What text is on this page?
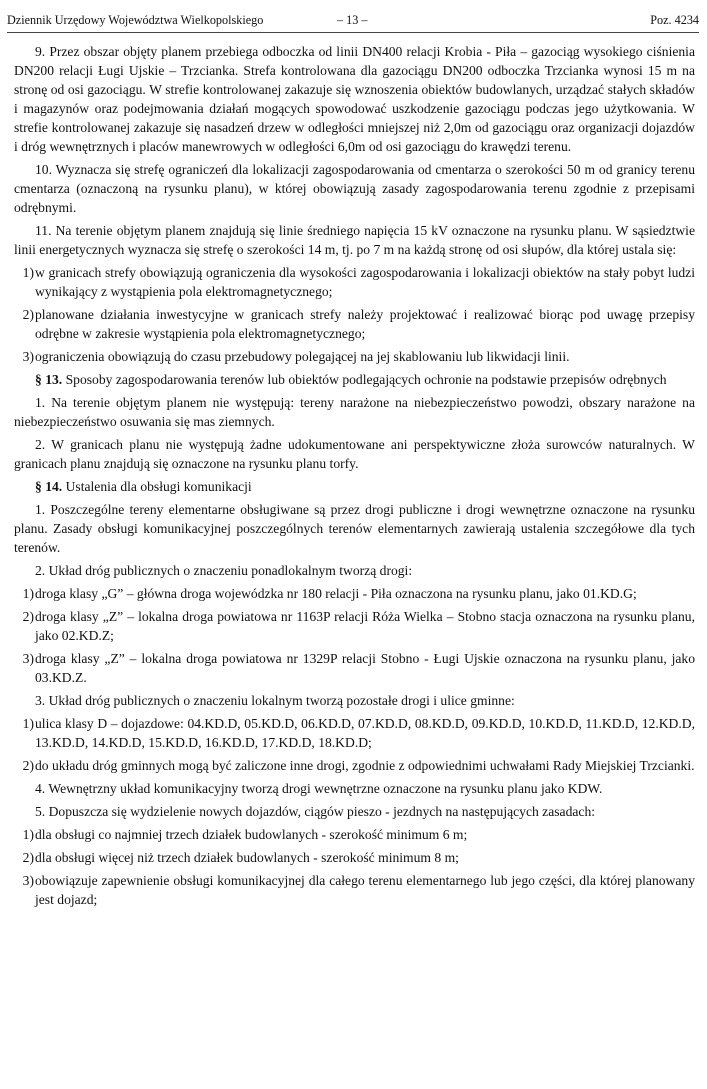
Dziennik Urzędowy Województwa Wielkopolskiego	– 13 –	Poz. 4234

9. Przez obszar objęty planem przebiega odboczka od linii DN400 relacji Krobia - Piła – gazociąg wysokiego ciśnienia DN200 relacji Ługi Ujskie – Trzcianka. Strefa kontrolowana dla gazociągu DN200 odboczka Trzcianka wynosi 15 m na stronę od osi gazociągu. W strefie kontrolowanej zakazuje się wznoszenia obiektów budowlanych, urządzać stałych składów i magazynów oraz podejmowania działań mogących spowodować uszkodzenie gazociągu podczas jego użytkowania. W strefie kontrolowanej zakazuje się nasadzeń drzew w odległości mniejszej niż 2,0m od gazociągu oraz organizacji dojazdów i dróg wewnętrznych i placów manewrowych w odległości 6,0m od osi gazociągu do krawędzi terenu.

10. Wyznacza się strefę ograniczeń dla lokalizacji zagospodarowania od cmentarza o szerokości 50 m od granicy terenu cmentarza (oznaczoną na rysunku planu), w której obowiązują zasady zagospodarowania terenu zgodnie z przepisami odrębnymi.

11. Na terenie objętym planem znajdują się linie średniego napięcia 15 kV oznaczone na rysunku planu. W sąsiedztwie linii energetycznych wyznacza się strefę o szerokości 14 m, tj. po 7 m na każdą stronę od osi słupów, dla której ustala się:

1) w granicach strefy obowiązują ograniczenia dla wysokości zagospodarowania i lokalizacji obiektów na stały pobyt ludzi wynikający z wystąpienia pola elektromagnetycznego;
2) planowane działania inwestycyjne w granicach strefy należy projektować i realizować biorąc pod uwagę przepisy odrębne w zakresie wystąpienia pola elektromagnetycznego;
3) ograniczenia obowiązują do czasu przebudowy polegającej na jej skablowaniu lub likwidacji linii.

§ 13. Sposoby zagospodarowania terenów lub obiektów podlegających ochronie na podstawie przepisów odrębnych

1. Na terenie objętym planem nie występują: tereny narażone na niebezpieczeństwo powodzi, obszary narażone na niebezpieczeństwo osuwania się mas ziemnych.

2. W granicach planu nie występują żadne udokumentowane ani perspektywiczne złoża surowców naturalnych. W granicach planu znajdują się oznaczone na rysunku planu torfy.

§ 14. Ustalenia dla obsługi komunikacji

1. Poszczególne tereny elementarne obsługiwane są przez drogi publiczne i drogi wewnętrzne oznaczone na rysunku planu. Zasady obsługi komunikacyjnej poszczególnych terenów elementarnych zawierają ustalenia szczegółowe dla tych terenów.

2. Układ dróg publicznych o znaczeniu ponadlokalnym tworzą drogi:

1) droga klasy „G” – główna droga wojewódzka nr 180 relacji - Piła oznaczona na rysunku planu, jako 01.KD.G;
2) droga klasy „Z” – lokalna droga powiatowa nr 1163P relacji Róża Wielka – Stobno stacja oznaczona na rysunku planu, jako 02.KD.Z;
3) droga klasy „Z” – lokalna droga powiatowa nr 1329P relacji Stobno - Ługi Ujskie oznaczona na rysunku planu, jako 03.KD.Z.

3. Układ dróg publicznych o znaczeniu lokalnym tworzą pozostałe drogi i ulice gminne:

1) ulica klasy D – dojazdowe: 04.KD.D, 05.KD.D, 06.KD.D, 07.KD.D, 08.KD.D, 09.KD.D, 10.KD.D, 11.KD.D, 12.KD.D, 13.KD.D, 14.KD.D, 15.KD.D, 16.KD.D, 17.KD.D, 18.KD.D;
2) do układu dróg gminnych mogą być zaliczone inne drogi, zgodnie z odpowiednimi uchwałami Rady Miejskiej Trzcianki.

4. Wewnętrzny układ komunikacyjny tworzą drogi wewnętrzne oznaczone na rysunku planu jako KDW.

5. Dopuszcza się wydzielenie nowych dojazdów, ciągów pieszo - jezdnych na następujących zasadach:

1) dla obsługi co najmniej trzech działek budowlanych - szerokość minimum 6 m;
2) dla obsługi więcej niż trzech działek budowlanych - szerokość minimum 8 m;
3) obowiązuje zapewnienie obsługi komunikacyjnej dla całego terenu elementarnego lub jego części, dla której planowany jest dojazd;
